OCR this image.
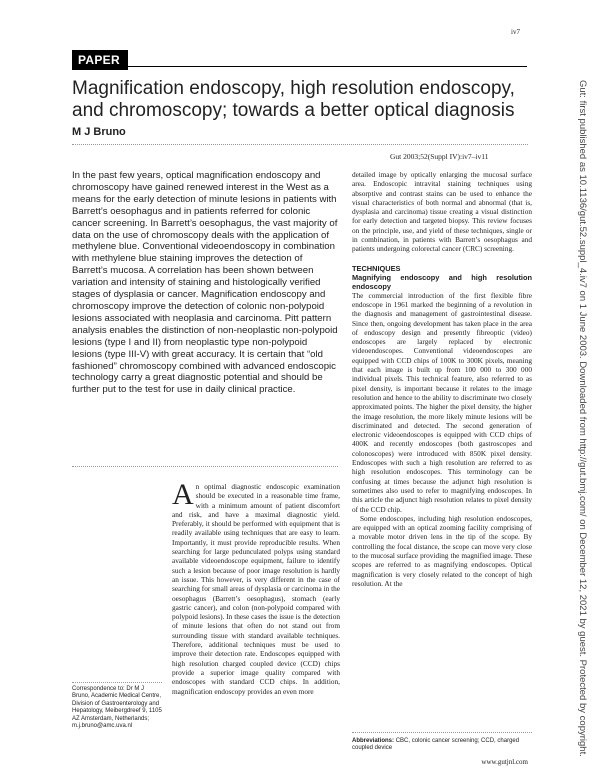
iv7
PAPER
Magnification endoscopy, high resolution endoscopy, and chromoscopy; towards a better optical diagnosis
M J Bruno
Gut 2003;52(Suppl IV):iv7–iv11
In the past few years, optical magnification endoscopy and chromoscopy have gained renewed interest in the West as a means for the early detection of minute lesions in patients with Barrett’s oesophagus and in patients referred for colonic cancer screening. In Barrett’s oesophagus, the vast majority of data on the use of chromoscopy deals with the application of methylene blue. Conventional videoendoscopy in combination with methylene blue staining improves the detection of Barrett’s mucosa. A correlation has been shown between variation and intensity of staining and histologically verified stages of dysplasia or cancer. Magnification endoscopy and chromoscopy improve the detection of colonic non-polypoid lesions associated with neoplasia and carcinoma. Pitt pattern analysis enables the distinction of non-neoplastic non-polypoid lesions (type I and II) from neoplastic type non-polypoid lesions (type III-V) with great accuracy. It is certain that “old fashioned” chromoscopy combined with advanced endoscopic technology carry a great diagnostic potential and should be further put to the test for use in daily clinical practice.
An optimal diagnostic endoscopic examination should be executed in a reasonable time frame, with a minimum amount of patient discomfort and risk, and have a maximal diagnostic yield. Preferably, it should be performed with equipment that is readily available using techniques that are easy to learn. Importantly, it must provide reproducible results. When searching for large pedunculated polyps using standard available videoendoscope equipment, failure to identify such a lesion because of poor image resolution is hardly an issue. This however, is very different in the case of searching for small areas of dysplasia or carcinoma in the oesophagus (Barrett’s oesophagus), stomach (early gastric cancer), and colon (non-polypoid compared with polypoid lesions). In these cases the issue is the detection of minute lesions that often do not stand out from surrounding tissue with standard available techniques. Therefore, additional techniques must be used to improve their detection rate. Endoscopes equipped with high resolution charged coupled device (CCD) chips provide a superior image quality compared with endoscopes with standard CCD chips. In addition, magnification endoscopy provides an even more

detailed image by optically enlarging the mucosal surface area. Endoscopic intravital staining techniques using absorptive and contrast stains can be used to enhance the visual characteristics of both normal and abnormal (that is, dysplasia and carcinoma) tissue creating a visual distinction for early detection and targeted biopsy. This review focuses on the principle, use, and yield of these techniques, single or in combination, in patients with Barrett’s oesophagus and patients undergoing colorectal cancer (CRC) screening.

TECHNIQUES
Magnifying endoscopy and high resolution endoscopy

The commercial introduction of the first flexible fibre endoscope in 1961 marked the beginning of a revolution in the diagnosis and management of gastrointestinal disease. Since then, ongoing development has taken place in the area of endoscopy design and presently fibreoptic (video) endoscopes are largely replaced by electronic videoendoscopes. Conventional videoendoscopes are equipped with CCD chips of 100K to 300K pixels, meaning that each image is built up from 100 000 to 300 000 individual pixels. This technical feature, also referred to as pixel density, is important because it relates to the image resolution and hence to the ability to discriminate two closely approximated points. The higher the pixel density, the higher the image resolution, the more likely minute lesions will be discriminated and detected. The second generation of electronic videoendoscopes is equipped with CCD chips of 400K and recently endoscopes (both gastroscopes and colonoscopes) were introduced with 850K pixel density. Endoscopes with such a high resolution are referred to as high resolution endoscopes. This terminology can be confusing at times because the adjunct high resolution is sometimes also used to refer to magnifying endoscopes. In this article the adjunct high resolution relates to pixel density of the CCD chip.

Some endoscopes, including high resolution endoscopes, are equipped with an optical zooming facility comprising of a movable motor driven lens in the tip of the scope. By controlling the focal distance, the scope can move very close to the mucosal surface providing the magnified image. These scopes are referred to as magnifying endoscopes. Optical magnification is very closely related to the concept of high resolution. At the

Correspondence to: Dr M J Bruno, Academic Medical Centre, Division of Gastroenterology and Hepatology, Meibergdreef 9, 1105 AZ Amsterdam, Netherlands; m.j.bruno@amc.uva.nl
Abbreviations: CBC, colonic cancer screening; CCD, charged coupled device
www.gutjnl.com
Gut: first published as 10.1136/gut.52.suppl_4.iv7 on 1 June 2003. Downloaded from http://gut.bmj.com/ on December 12, 2021 by guest. Protected by copyright.
